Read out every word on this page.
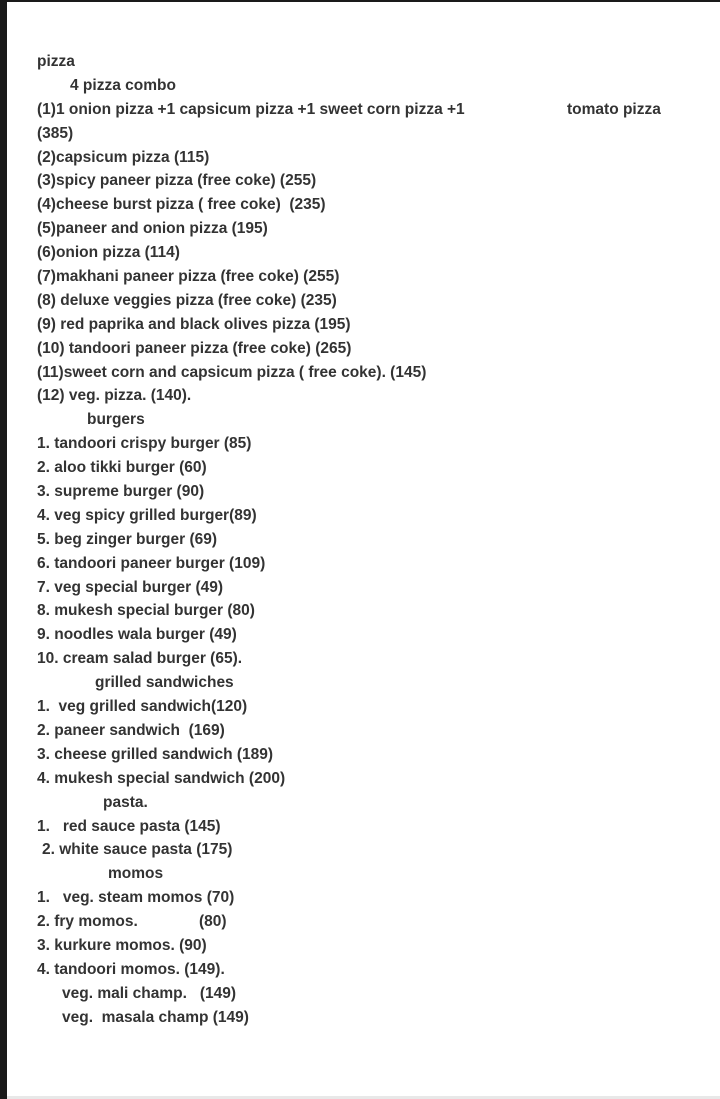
pizza
4 pizza combo

(1)1 onion pizza +1 capsicum pizza +1 sweet corn pizza +1

	tomato pizza

(385)
(2)capsicum pizza (115)
(3)spicy paneer pizza (free coke) (255)
(4)cheese burst pizza ( free coke)  (235)
(5)paneer and onion pizza (195)
(6)onion pizza (114)
(7)makhani paneer pizza (free coke) (255)
(8) deluxe veggies pizza (free coke) (235)
(9) red paprika and black olives pizza (195)
(10) tandoori paneer pizza (free coke) (265)
(11)sweet corn and capsicum pizza ( free coke). (145)
(12) veg. pizza. (140).
burgers
1. tandoori crispy burger (85)
2. aloo tikki burger (60)
3. supreme burger (90)
4. veg spicy grilled burger(89)
5. beg zinger burger (69)
6. tandoori paneer burger (109)
7. veg special burger (49)
8. mukesh special burger (80)
9. noodles wala burger (49)
10. cream salad burger (65).
grilled sandwiches
1.  veg grilled sandwich(120)
2. paneer sandwich  (169)
3. cheese grilled sandwich (189)
4. mukesh special sandwich (200)
pasta.
1.   red sauce pasta (145)
2. white sauce pasta (175)
momos
1.   veg. steam momos (70)

2. fry momos.

	(80)

3. kurkure momos. (90)
4. tandoori momos. (149).
veg. mali champ.   (149)
veg.  masala champ (149)
